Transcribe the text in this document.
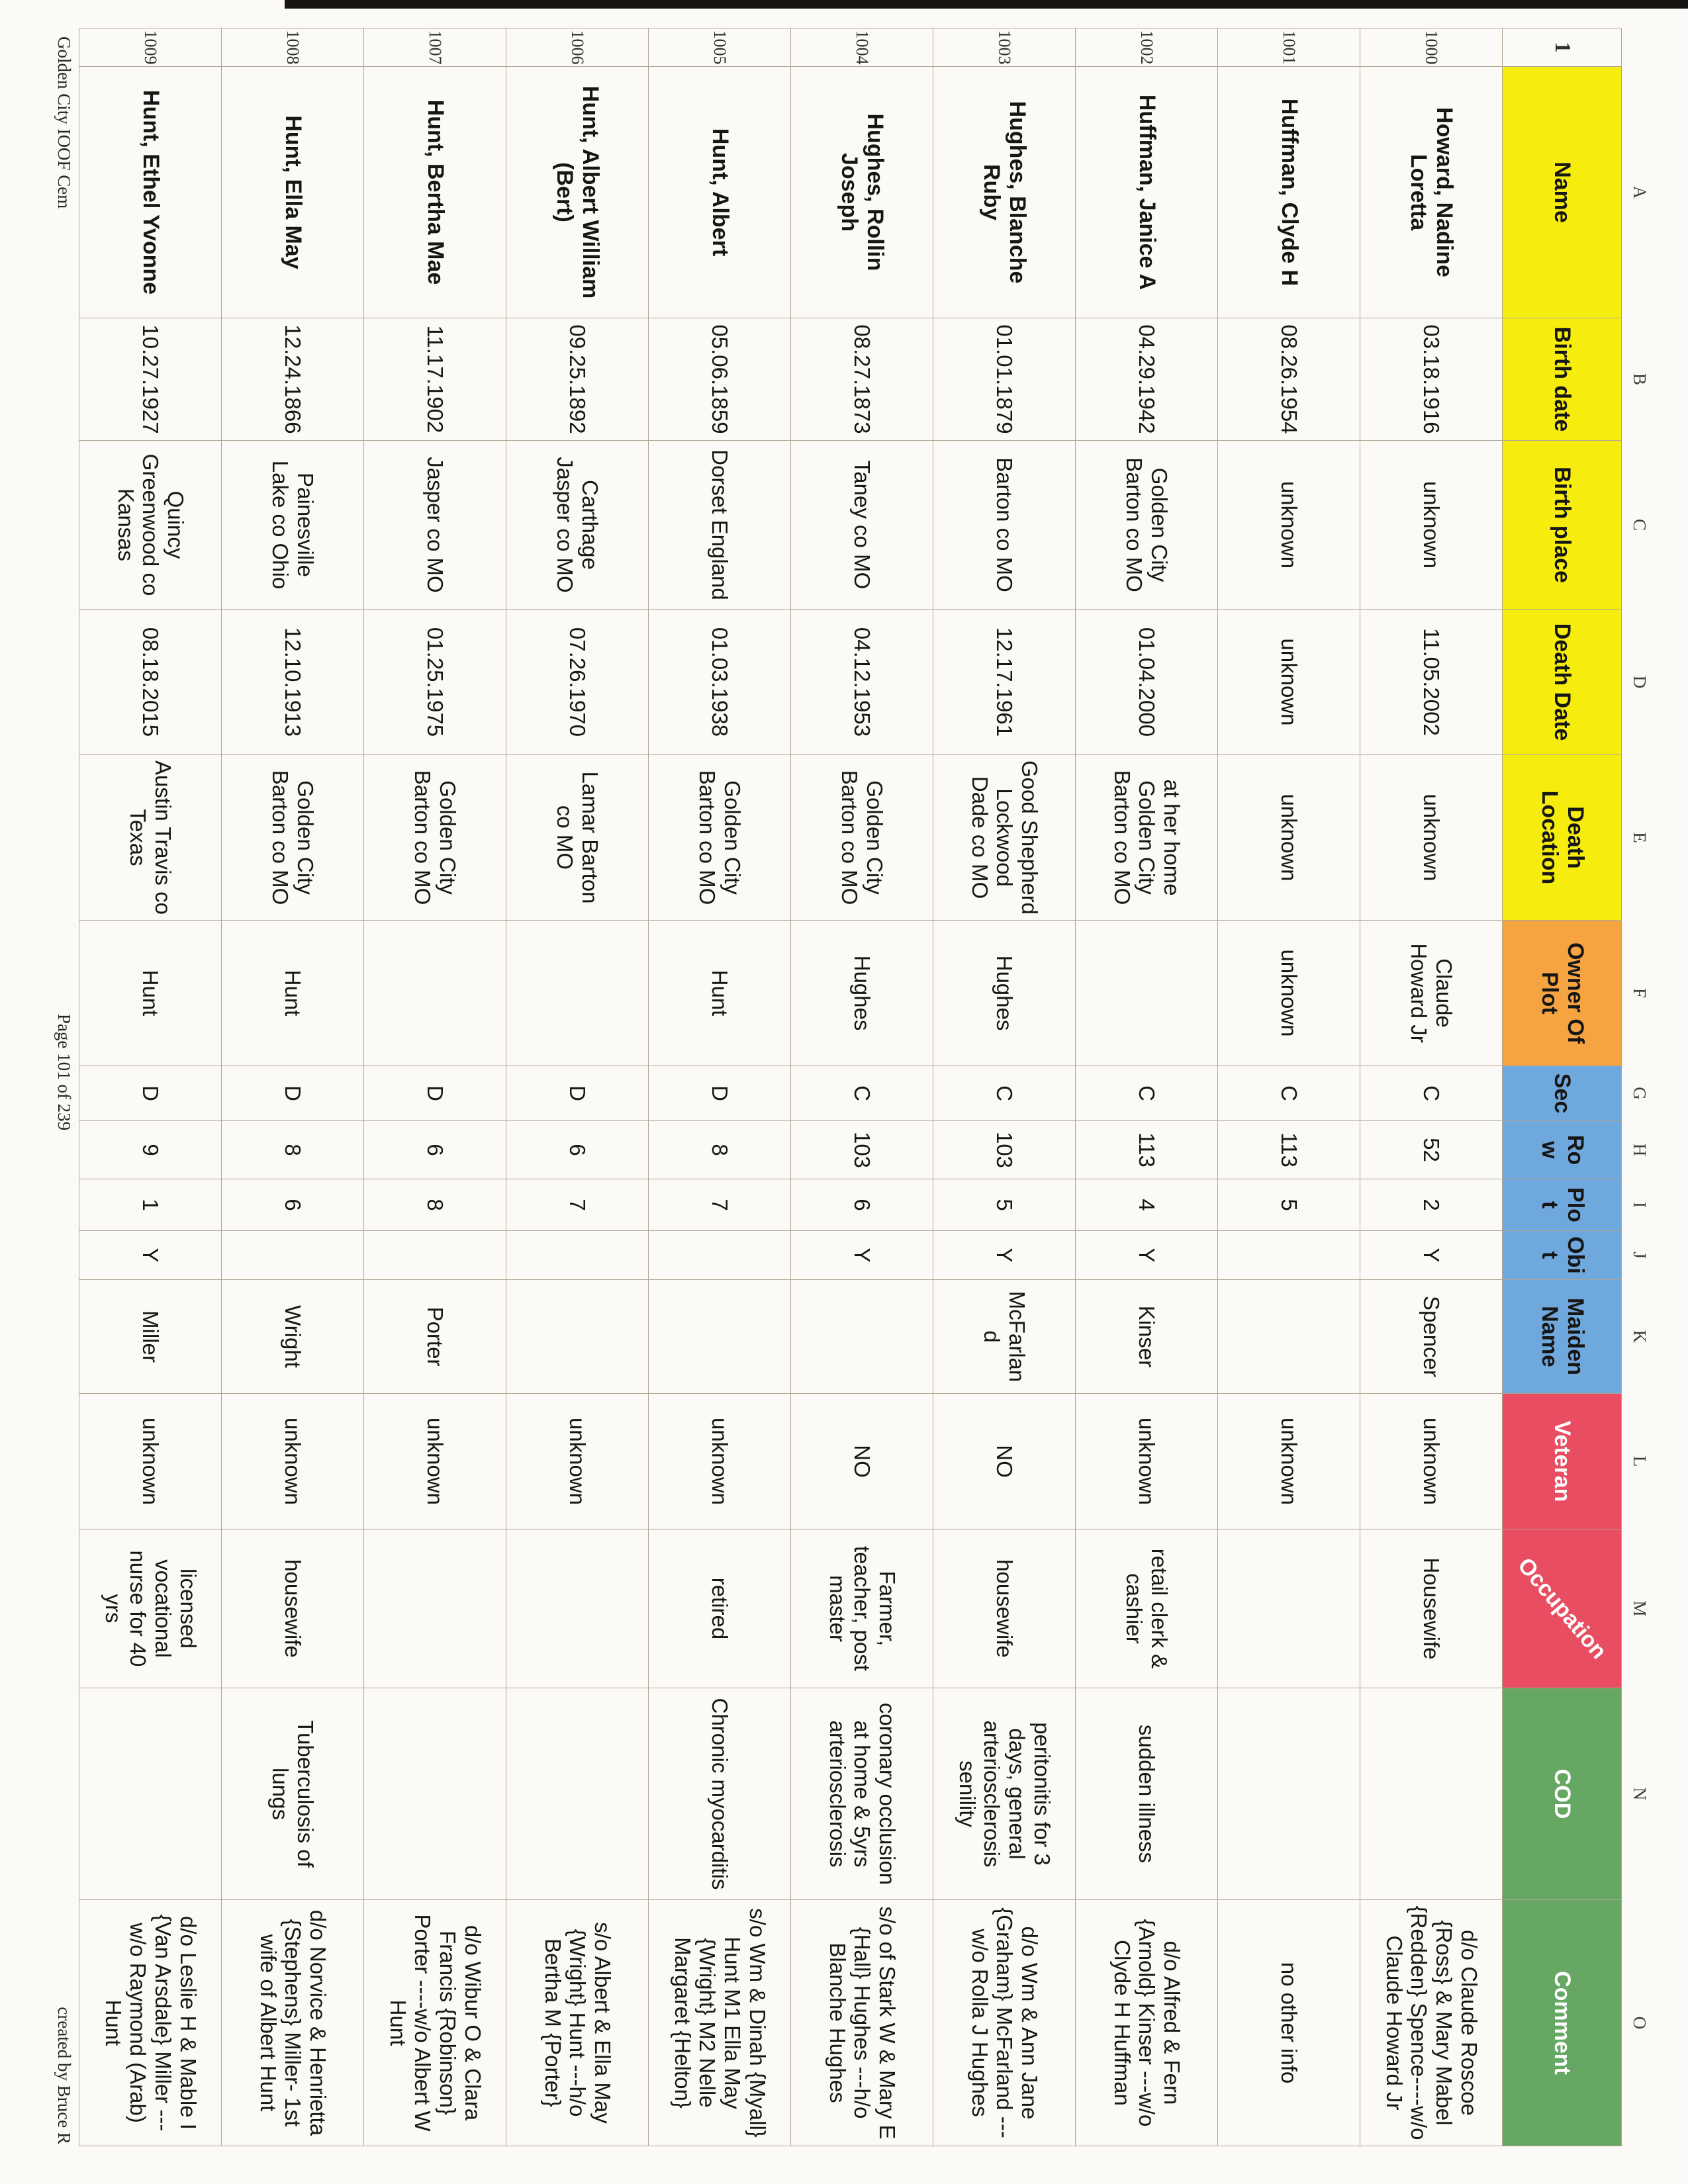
	A	B	C	D	E	F	G	H	I	J	K	L	M	N	O
1	Name	Birth date	Birth place	Death Date	Death Location	Owner Of Plot	Sec	Row	Plot	Obit	Maiden Name	Veteran	Occupation	COD	Comment
1000	Howard, Nadine Loretta	03.18.1916	unknown	11.05.2002	unknown	Claude Howard Jr	C	52	2	Y	Spencer	unknown	Housewife		d/o Claude Roscoe {Ross} & Mary Mabel {Redden} Spence----w/o Claude Howard Jr
1001	Huffman, Clyde H	08.26.1954	unknown	unknown	unknown	unknown	C	113	5			unknown			no other info
1002	Huffman, Janice A	04.29.1942	Golden City Barton co MO	01.04.2000	at her home Golden City Barton co MO		C	113	4	Y	Kinser	unknown	retail clerk & cashier	sudden illness	d/o Alfred & Fern {Arnold} Kinser ---w/o Clyde H Huffman
1003	Hughes, Blanche Ruby	01.01.1879	Barton co MO	12.17.1961	Good Shepherd Lockwood Dade co MO	Hughes	C	103	5	Y	McFarland	NO	housewife	peritonitis for 3 days, general arteriosclerosis senility	d/o Wm & Ann Jane {Graham} McFarland ---w/o Rolla J Hughes
1004	Hughes, Rollin Joseph	08.27.1873	Taney co MO	04.12.1953	Golden City Barton co MO	Hughes	C	103	6	Y		NO	Farmer, teacher, post master	coronary occlusion at home & 5yrs arteriosclerosis	s/o of Stark W & Mary E {Hall} Hughes ---h/o Blanche Hughes
1005	Hunt, Albert	05.06.1859	Dorset England	01.03.1938	Golden City Barton co MO	Hunt	D	8	7			unknown	retired	Chronic myocarditis	s/o Wm & Dinah {Myall} Hunt M1 Ella May {Wright} M2 Nelle Margaret {Helton}
1006	Hunt, Albert William (Bert)	09.25.1892	Carthage Jasper co MO	07.26.1970	Lamar Barton co MO		D	6	7			unknown			s/o Albert & Ella May {Wright} Hunt ---h/o Bertha M {Porter}
1007	Hunt, Bertha Mae	11.17.1902	Jasper co MO	01.25.1975	Golden City Barton co MO		D	6	8		Porter	unknown			d/o Wibur O & Clara Francis {Robinson} Porter ----w/o Albert W Hunt
1008	Hunt, Ella May	12.24.1866	Painesville Lake co Ohio	12.10.1913	Golden City Barton co MO	Hunt	D	8	6		Wright	unknown	housewife	Tuberculosis of lungs	d/o Norvice & Henrietta {Stephens} Miller- 1st wife of Albert Hunt
1009	Hunt, Ethel Yvonne	10.27.1927	Quincy Greenwood co Kansas	08.18.2015	Austin Travis co Texas	Hunt	D	9	1	Y	Miller	unknown	licensed vocational nurse for 40 yrs		d/o Leslie H & Mable I {Van Arsdale} Miller ---w/o Raymond (Arab) Hunt
Golden City IOOF Cem
Page 101 of 239
created by Bruce R
